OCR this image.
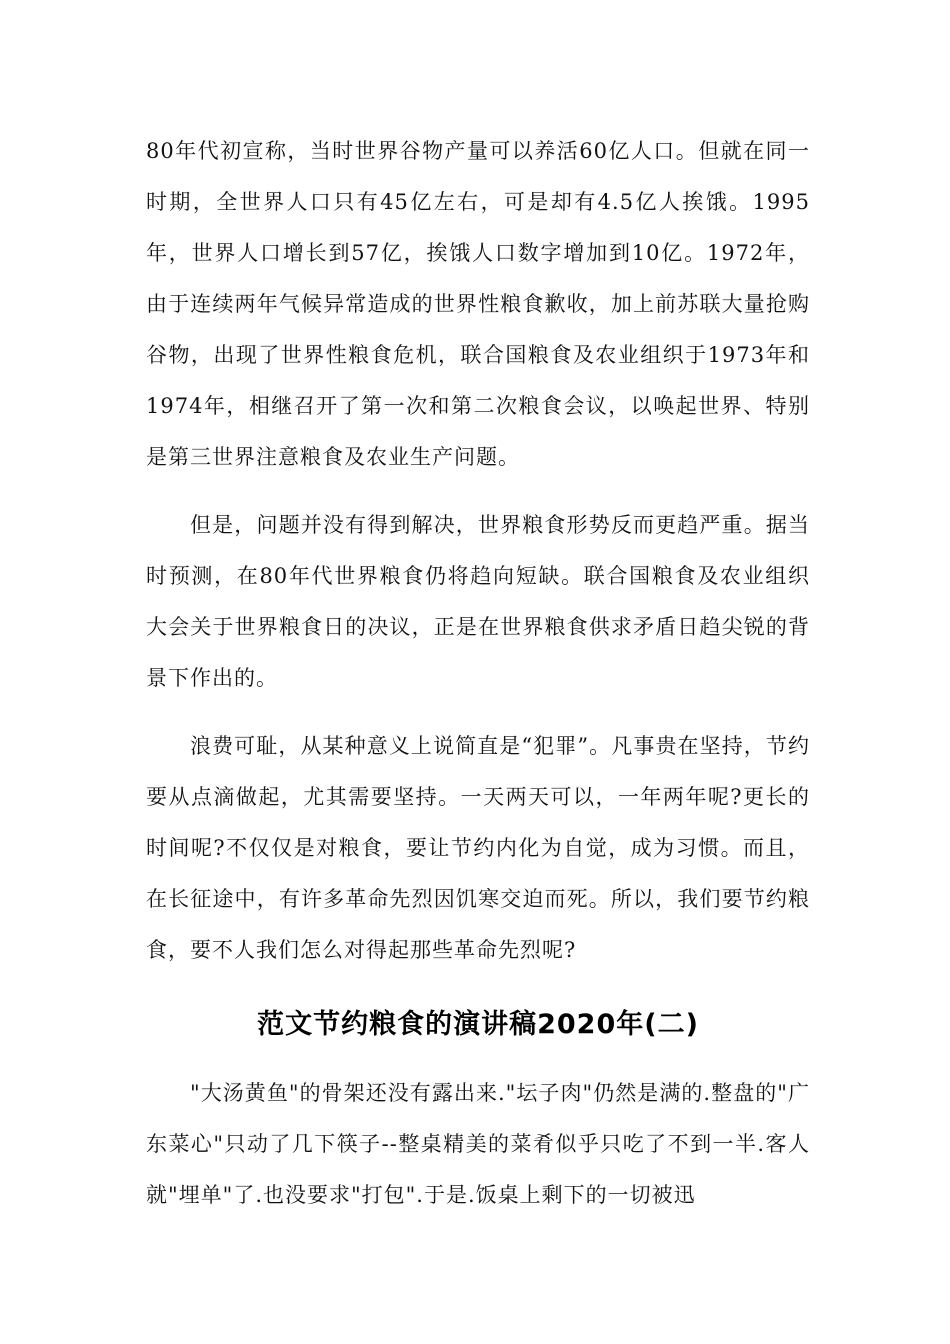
80年代初宣称，当时世界谷物产量可以养活60亿人口。但就在同一时期，全世界人口只有45亿左右，可是却有4.5亿人挨饿。1995年，世界人口增长到57亿，挨饿人口数字增加到10亿。1972年，由于连续两年气候异常造成的世界性粮食歉收，加上前苏联大量抢购谷物，出现了世界性粮食危机，联合国粮食及农业组织于1973年和1974年，相继召开了第一次和第二次粮食会议，以唤起世界、特别是第三世界注意粮食及农业生产问题。

但是，问题并没有得到解决，世界粮食形势反而更趋严重。据当时预测，在80年代世界粮食仍将趋向短缺。联合国粮食及农业组织大会关于世界粮食日的决议，正是在世界粮食供求矛盾日趋尖锐的背景下作出的。

浪费可耻，从某种意义上说简直是“犯罪”。凡事贵在坚持，节约要从点滴做起，尤其需要坚持。一天两天可以，一年两年呢?更长的时间呢?不仅仅是对粮食，要让节约内化为自觉，成为习惯。而且，在长征途中，有许多革命先烈因饥寒交迫而死。所以，我们要节约粮食，要不人我们怎么对得起那些革命先烈呢?

范文节约粮食的演讲稿2020年(二)

"大汤黄鱼"的骨架还没有露出来."坛子肉"仍然是满的.整盘的"广东菜心"只动了几下筷子--整桌精美的菜肴似乎只吃了不到一半.客人就"埋单"了.也没要求"打包".于是.饭桌上剩下的一切被迅
